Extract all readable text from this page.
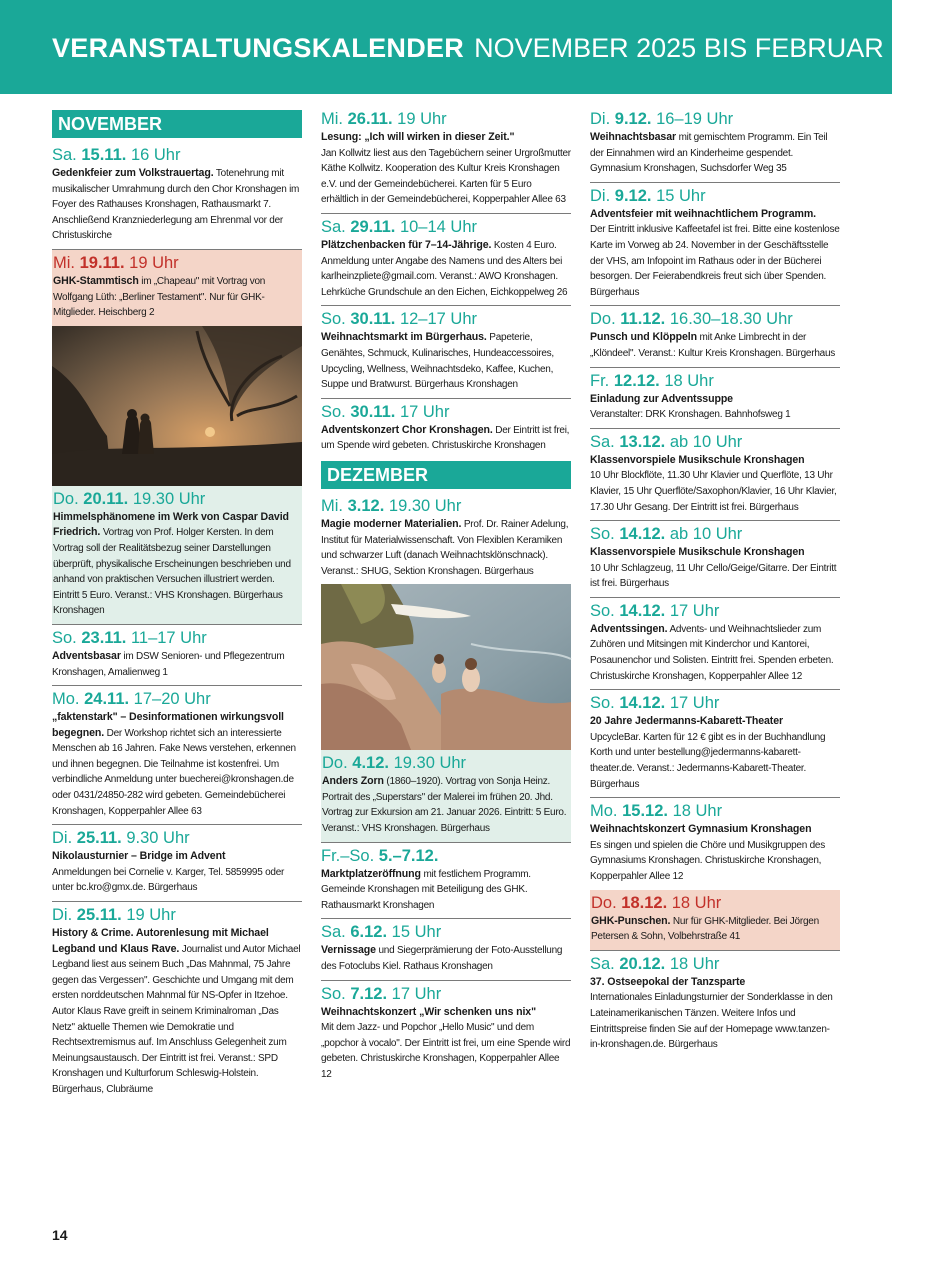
VERANSTALTUNGSKALENDER NOVEMBER 2025 BIS FEBRUAR 2026
NOVEMBER
Sa. 15.11. 16 Uhr
Gedenkfeier zum Volkstrauertag. Totenehrung mit musikalischer Umrahmung durch den Chor Kronshagen im Foyer des Rathauses Kronshagen, Rathausmarkt 7. Anschließend Kranzniederlegung am Ehrenmal vor der Christuskirche
Mi. 19.11. 19 Uhr
GHK-Stammtisch im „Chapeau" mit Vortrag von Wolfgang Lüth: „Berliner Testament". Nur für GHK-Mitglieder. Heischberg 2
Do. 20.11. 19.30 Uhr
Himmelsphänomene im Werk von Caspar David Friedrich. Vortrag von Prof. Holger Kersten. In dem Vortrag soll der Realitätsbezug seiner Darstellungen überprüft, physikalische Erscheinungen beschrieben und anhand von praktischen Versuchen illustriert werden. Eintritt 5 Euro. Veranst.: VHS Kronshagen. Bürgerhaus Kronshagen
So. 23.11. 11–17 Uhr
Adventsbasar im DSW Senioren- und Pflegezentrum Kronshagen, Amalienweg 1
Mo. 24.11. 17–20 Uhr
„faktenstark" – Desinformationen wirkungsvoll begegnen. Der Workshop richtet sich an interessierte Menschen ab 16 Jahren. Fake News verstehen, erkennen und ihnen begegnen. Die Teilnahme ist kostenfrei. Um verbindliche Anmeldung unter buecherei@kronshagen.de oder 0431/24850-282 wird gebeten. Gemeindebücherei Kronshagen, Kopperpahler Allee 63
Di. 25.11. 9.30 Uhr
Nikolausturnier – Bridge im Advent
Anmeldungen bei Cornelie v. Karger, Tel. 5859995 oder unter bc.kro@gmx.de. Bürgerhaus
Di. 25.11. 19 Uhr
History & Crime. Autorenlesung mit Michael Legband und Klaus Rave. Journalist und Autor Michael Legband liest aus seinem Buch „Das Mahnmal, 75 Jahre gegen das Vergessen". Geschichte und Umgang mit dem ersten norddeutschen Mahnmal für NS-Opfer in Itzehoe. Autor Klaus Rave greift in seinem Kriminalroman „Das Netz" aktuelle Themen wie Demokratie und Rechtsextremismus auf. Im Anschluss Gelegenheit zum Meinungsaustausch. Der Eintritt ist frei. Veranst.: SPD Kronshagen und Kulturforum Schleswig-Holstein. Bürgerhaus, Clubräume
Mi. 26.11. 19 Uhr
Lesung: „Ich will wirken in dieser Zeit."
Jan Kollwitz liest aus den Tagebüchern seiner Urgroßmutter Käthe Kollwitz. Kooperation des Kultur Kreis Kronshagen e.V. und der Gemeindebücherei. Karten für 5 Euro erhältlich in der Gemeindebücherei, Kopperpahler Allee 63
Sa. 29.11. 10–14 Uhr
Plätzchenbacken für 7–14-Jährige. Kosten 4 Euro. Anmeldung unter Angabe des Namens und des Alters bei karlheinzpliete@gmail.com. Veranst.: AWO Kronshagen. Lehrküche Grundschule an den Eichen, Eichkoppelweg 26
So. 30.11. 12–17 Uhr
Weihnachtsmarkt im Bürgerhaus. Papeterie, Genähtes, Schmuck, Kulinarisches, Hundeaccessoires, Upcycling, Wellness, Weihnachtsdeko, Kaffee, Kuchen, Suppe und Bratwurst. Bürgerhaus Kronshagen
So. 30.11. 17 Uhr
Adventskonzert Chor Kronshagen. Der Eintritt ist frei, um Spende wird gebeten. Christuskirche Kronshagen
DEZEMBER
Mi. 3.12. 19.30 Uhr
Magie moderner Materialien. Prof. Dr. Rainer Adelung, Institut für Materialwissenschaft. Von Flexiblen Keramiken und schwarzer Luft (danach Weihnachtsklönschnack). Veranst.: SHUG, Sektion Kronshagen. Bürgerhaus
Do. 4.12. 19.30 Uhr
Anders Zorn (1860–1920). Vortrag von Sonja Heinz. Portrait des „Superstars" der Malerei im frühen 20. Jhd. Vortrag zur Exkursion am 21. Januar 2026. Eintritt: 5 Euro. Veranst.: VHS Kronshagen. Bürgerhaus
Fr.–So. 5.–7.12.
Marktplatzeröffnung mit festlichem Programm. Gemeinde Kronshagen mit Beteiligung des GHK. Rathausmarkt Kronshagen
Sa. 6.12. 15 Uhr
Vernissage und Siegerprämierung der Foto-Ausstellung des Fotoclubs Kiel. Rathaus Kronshagen
So. 7.12. 17 Uhr
Weihnachtskonzert „Wir schenken uns nix"
Mit dem Jazz- und Popchor „Hello Music" und dem „popchor à vocalo". Der Eintritt ist frei, um eine Spende wird gebeten. Christuskirche Kronshagen, Kopperpahler Allee 12
Di. 9.12. 16–19 Uhr
Weihnachtsbasar mit gemischtem Programm. Ein Teil der Einnahmen wird an Kinderheime gespendet. Gymnasium Kronshagen, Suchsdorfer Weg 35
Di. 9.12. 15 Uhr
Adventsfeier mit weihnachtlichem Programm.
Der Eintritt inklusive Kaffeetafel ist frei. Bitte eine kostenlose Karte im Vorweg ab 24. November in der Geschäftsstelle der VHS, am Infopoint im Rathaus oder in der Bücherei besorgen. Der Feierabendkreis freut sich über Spenden. Bürgerhaus
Do. 11.12. 16.30–18.30 Uhr
Punsch und Klöppeln mit Anke Limbrecht in der „Klöndeel". Veranst.: Kultur Kreis Kronshagen. Bürgerhaus
Fr. 12.12. 18 Uhr
Einladung zur Adventssuppe
Veranstalter: DRK Kronshagen. Bahnhofsweg 1
Sa. 13.12. ab 10 Uhr
Klassenvorspiele Musikschule Kronshagen
10 Uhr Blockflöte, 11.30 Uhr Klavier und Querflöte, 13 Uhr Klavier, 15 Uhr Querflöte/Saxophon/Klavier, 16 Uhr Klavier, 17.30 Uhr Gesang. Der Eintritt ist frei. Bürgerhaus
So. 14.12. ab 10 Uhr
Klassenvorspiele Musikschule Kronshagen
10 Uhr Schlagzeug, 11 Uhr Cello/Geige/Gitarre. Der Eintritt ist frei. Bürgerhaus
So. 14.12. 17 Uhr
Adventssingen. Advents- und Weihnachtslieder zum Zuhören und Mitsingen mit Kinderchor und Kantorei, Posaunenchor und Solisten. Eintritt frei. Spenden erbeten. Christuskirche Kronshagen, Kopperpahler Allee 12
So. 14.12. 17 Uhr
20 Jahre Jedermanns-Kabarett-Theater
UpcycleBar. Karten für 12 € gibt es in der Buchhandlung Korth und unter bestellung@jedermanns-kabarett-theater.de. Veranst.: Jedermanns-Kabarett-Theater. Bürgerhaus
Mo. 15.12. 18 Uhr
Weihnachtskonzert Gymnasium Kronshagen
Es singen und spielen die Chöre und Musikgruppen des Gymnasiums Kronshagen. Christuskirche Kronshagen, Kopperpahler Allee 12
Do. 18.12. 18 Uhr
GHK-Punschen. Nur für GHK-Mitglieder. Bei Jörgen Petersen & Sohn, Volbehrstraße 41
Sa. 20.12. 18 Uhr
37. Ostseepokal der Tanzsparte
Internationales Einladungsturnier der Sonderklasse in den Lateinamerikanischen Tänzen. Weitere Infos und Eintrittspreise finden Sie auf der Homepage www.tanzen-in-kronshagen.de. Bürgerhaus
14
